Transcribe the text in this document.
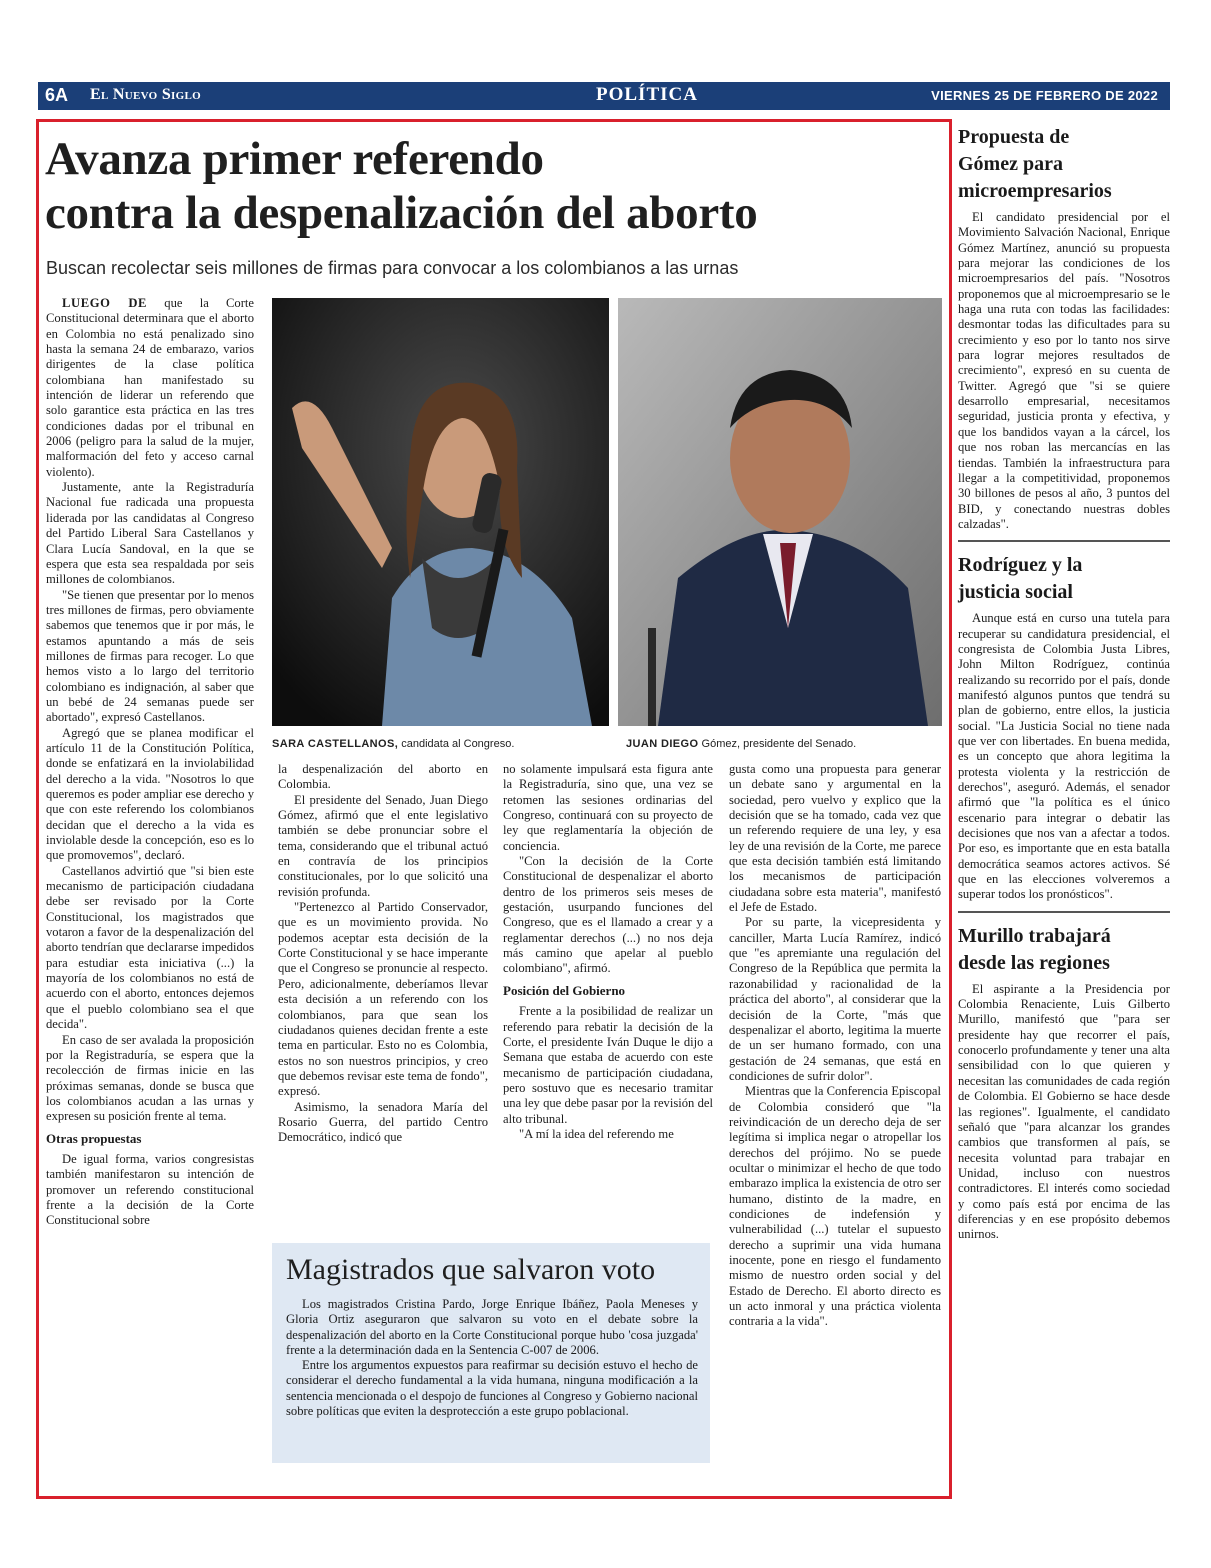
6A El Nuevo Siglo	POLÍTICA	VIERNES 25 DE FEBRERO DE 2022
Avanza primer referendo
contra la despenalización del aborto
Buscan recolectar seis millones de firmas para convocar a los colombianos a las urnas

LUEGO DE que la Corte Constitucional determinara que el aborto en Colombia no está penalizado sino hasta la semana 24 de embarazo, varios dirigentes de la clase política colombiana han manifestado su intención de liderar un referendo que solo garantice esta práctica en las tres condiciones dadas por el tribunal en 2006 (peligro para la salud de la mujer, malformación del feto y acceso carnal violento).

Justamente, ante la Registraduría Nacional fue radicada una propuesta liderada por las candidatas al Congreso del Partido Liberal Sara Castellanos y Clara Lucía Sandoval, en la que se espera que esta sea respaldada por seis millones de colombianos.

"Se tienen que presentar por lo menos tres millones de firmas, pero obviamente sabemos que tenemos que ir por más, le estamos apuntando a más de seis millones de firmas para recoger. Lo que hemos visto a lo largo del territorio colombiano es indignación, al saber que un bebé de 24 semanas puede ser abortado", expresó Castellanos.

Agregó que se planea modificar el artículo 11 de la Constitución Política, donde se enfatizará en la inviolabilidad del derecho a la vida. "Nosotros lo que queremos es poder ampliar ese derecho y que con este referendo los colombianos decidan que el derecho a la vida es inviolable desde la concepción, eso es lo que promovemos", declaró.

Castellanos advirtió que "si bien este mecanismo de participación ciudadana debe ser revisado por la Corte Constitucional, los magistrados que votaron a favor de la despenalización del aborto tendrían que declararse impedidos para estudiar esta iniciativa (...) la mayoría de los colombianos no está de acuerdo con el aborto, entonces dejemos que el pueblo colombiano sea el que decida".

En caso de ser avalada la proposición por la Registraduría, se espera que la recolección de firmas inicie en las próximas semanas, donde se busca que los colombianos acudan a las urnas y expresen su posición frente al tema.

Otras propuestas

De igual forma, varios congresistas también manifestaron su intención de promover un referendo constitucional frente a la decisión de la Corte Constitucional sobre

SARA CASTELLANOS, candidata al Congreso.	JUAN DIEGO Gómez, presidente del Senado.

la despenalización del aborto en Colombia.

El presidente del Senado, Juan Diego Gómez, afirmó que el ente legislativo también se debe pronunciar sobre el tema, considerando que el tribunal actuó en contravía de los principios constitucionales, por lo que solicitó una revisión profunda.

"Pertenezco al Partido Conservador, que es un movimiento provida. No podemos aceptar esta decisión de la Corte Constitucional y se hace imperante que el Congreso se pronuncie al respecto. Pero, adicionalmente, deberíamos llevar esta decisión a un referendo con los colombianos, para que sean los ciudadanos quienes decidan frente a este tema en particular. Esto no es Colombia, estos no son nuestros principios, y creo que debemos revisar este tema de fondo", expresó.

Asimismo, la senadora María del Rosario Guerra, del partido Centro Democrático, indicó que

no solamente impulsará esta figura ante la Registraduría, sino que, una vez se retomen las sesiones ordinarias del Congreso, continuará con su proyecto de ley que reglamentaría la objeción de conciencia.

"Con la decisión de la Corte Constitucional de despenalizar el aborto dentro de los primeros seis meses de gestación, usurpando funciones del Congreso, que es el llamado a crear y a reglamentar derechos (...) no nos deja más camino que apelar al pueblo colombiano", afirmó.

Posición del Gobierno

Frente a la posibilidad de realizar un referendo para rebatir la decisión de la Corte, el presidente Iván Duque le dijo a Semana que estaba de acuerdo con este mecanismo de participación ciudadana, pero sostuvo que es necesario tramitar una ley que debe pasar por la revisión del alto tribunal.

"A mí la idea del referendo me

gusta como una propuesta para generar un debate sano y argumental en la sociedad, pero vuelvo y explico que la decisión que se ha tomado, cada vez que un referendo requiere de una ley, y esa ley de una revisión de la Corte, me parece que esta decisión también está limitando los mecanismos de participación ciudadana sobre esta materia", manifestó el Jefe de Estado.

Por su parte, la vicepresidenta y canciller, Marta Lucía Ramírez, indicó que "es apremiante una regulación del Congreso de la República que permita la razonabilidad y racionalidad de la práctica del aborto", al considerar que la decisión de la Corte, "más que despenalizar el aborto, legitima la muerte de un ser humano formado, con una gestación de 24 semanas, que está en condiciones de sufrir dolor".

Mientras que la Conferencia Episcopal de Colombia consideró que "la reivindicación de un derecho deja de ser legítima si implica negar o atropellar los derechos del prójimo. No se puede ocultar o minimizar el hecho de que todo embarazo implica la existencia de otro ser humano, distinto de la madre, en condiciones de indefensión y vulnerabilidad (...) tutelar el supuesto derecho a suprimir una vida humana inocente, pone en riesgo el fundamento mismo de nuestro orden social y del Estado de Derecho. El aborto directo es un acto inmoral y una práctica violenta contraria a la vida".

Magistrados que salvaron voto

Los magistrados Cristina Pardo, Jorge Enrique Ibáñez, Paola Meneses y Gloria Ortiz aseguraron que salvaron su voto en el debate sobre la despenalización del aborto en la Corte Constitucional porque hubo 'cosa juzgada' frente a la determinación dada en la Sentencia C-007 de 2006.

Entre los argumentos expuestos para reafirmar su decisión estuvo el hecho de considerar el derecho fundamental a la vida humana, ninguna modificación a la sentencia mencionada o el despojo de funciones al Congreso y Gobierno nacional sobre políticas que eviten la desprotección a este grupo poblacional.

Propuesta de
Gómez para
microempresarios

El candidato presidencial por el Movimiento Salvación Nacional, Enrique Gómez Martínez, anunció su propuesta para mejorar las condiciones de los microempresarios del país. "Nosotros proponemos que al microempresario se le haga una ruta con todas las facilidades: desmontar todas las dificultades para su crecimiento y eso por lo tanto nos sirve para lograr mejores resultados de crecimiento", expresó en su cuenta de Twitter. Agregó que "si se quiere desarrollo empresarial, necesitamos seguridad, justicia pronta y efectiva, y que los bandidos vayan a la cárcel, los que nos roban las mercancías en las tiendas. También la infraestructura para llegar a la competitividad, proponemos 30 billones de pesos al año, 3 puntos del BID, y conectando nuestras dobles calzadas".

Rodríguez y la
justicia social

Aunque está en curso una tutela para recuperar su candidatura presidencial, el congresista de Colombia Justa Libres, John Milton Rodríguez, continúa realizando su recorrido por el país, donde manifestó algunos puntos que tendrá su plan de gobierno, entre ellos, la justicia social. "La Justicia Social no tiene nada que ver con libertades. En buena medida, es un concepto que ahora legitima la protesta violenta y la restricción de derechos", aseguró. Además, el senador afirmó que "la política es el único escenario para integrar o debatir las decisiones que nos van a afectar a todos. Por eso, es importante que en esta batalla democrática seamos actores activos. Sé que en las elecciones volveremos a superar todos los pronósticos".

Murillo trabajará
desde las regiones

El aspirante a la Presidencia por Colombia Renaciente, Luis Gilberto Murillo, manifestó que "para ser presidente hay que recorrer el país, conocerlo profundamente y tener una alta sensibilidad con lo que quieren y necesitan las comunidades de cada región de Colombia. El Gobierno se hace desde las regiones". Igualmente, el candidato señaló que "para alcanzar los grandes cambios que transformen al país, se necesita voluntad para trabajar en Unidad, incluso con nuestros contradictores. El interés como sociedad y como país está por encima de las diferencias y en ese propósito debemos unirnos.
